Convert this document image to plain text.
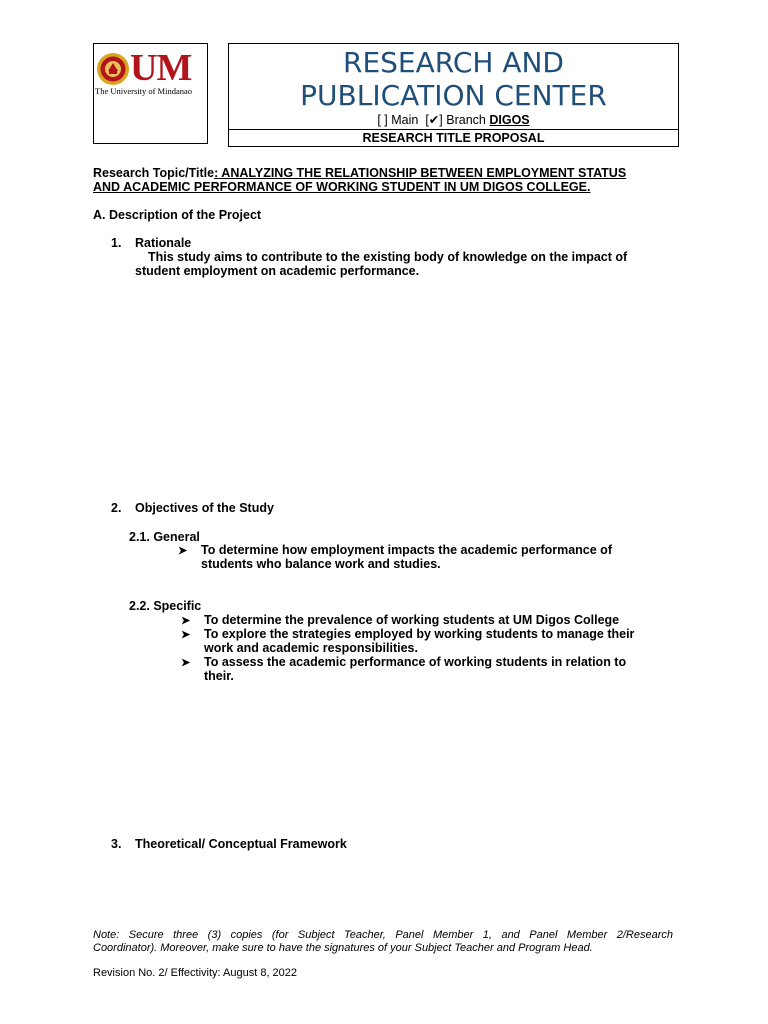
UM
The University of Mindanao
RESEARCH AND
PUBLICATION CENTER
[ ] Main [✔] Branch DIGOS
RESEARCH TITLE PROPOSAL
Research Topic/Title: ANALYZING THE RELATIONSHIP BETWEEN EMPLOYMENT STATUS
AND ACADEMIC PERFORMANCE OF WORKING STUDENT IN UM DIGOS COLLEGE.
A. Description of the Project
1. Rationale
This study aims to contribute to the existing body of knowledge on the impact of
student employment on academic performance.
2. Objectives of the Study
2.1. General
➤ To determine how employment impacts the academic performance of
students who balance work and studies.
2.2. Specific
➤ To determine the prevalence of working students at UM Digos College
➤ To explore the strategies employed by working students to manage their
work and academic responsibilities.
➤ To assess the academic performance of working students in relation to
their.
3. Theoretical/ Conceptual Framework
Note: Secure three (3) copies (for Subject Teacher, Panel Member 1, and Panel Member 2/Research
Coordinator). Moreover, make sure to have the signatures of your Subject Teacher and Program Head.
Revision No. 2/ Effectivity: August 8, 2022
